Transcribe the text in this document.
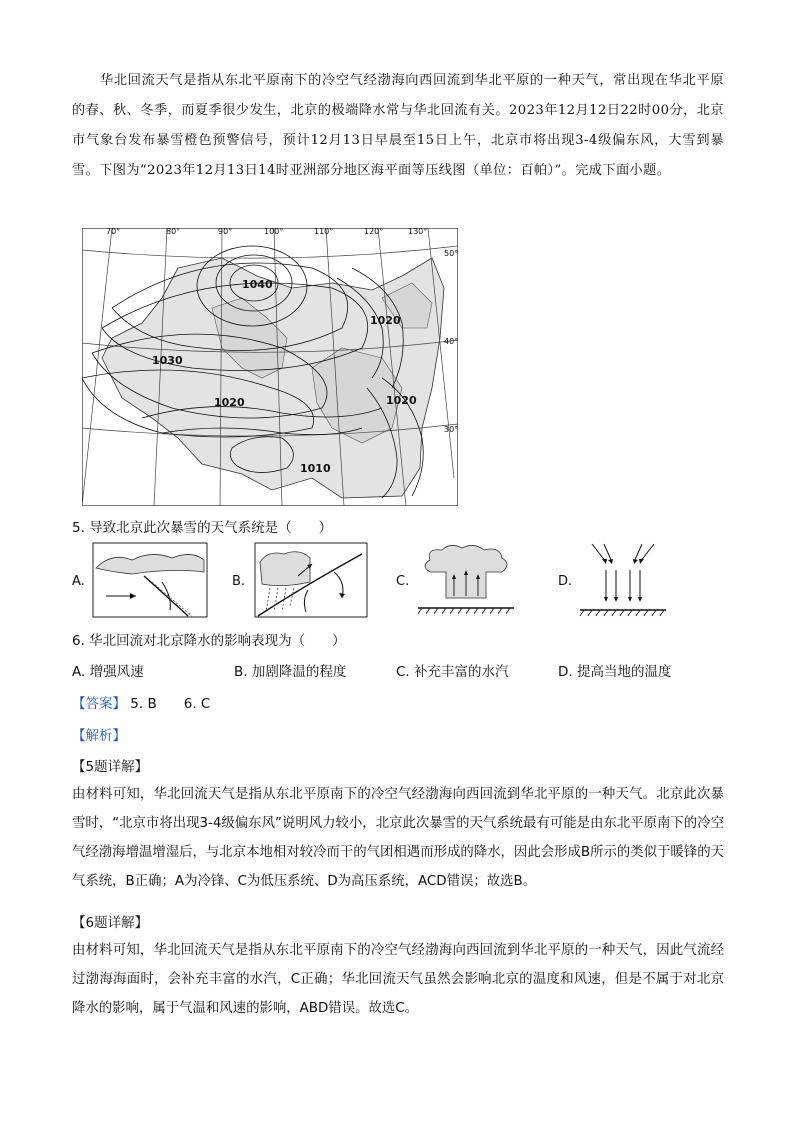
华北回流天气是指从东北平原南下的冷空气经渤海向西回流到华北平原的一种天气，常出现在华北平原的春、秋、冬季，而夏季很少发生，北京的极端降水常与华北回流有关。2023年12月12日22时00分，北京市气象台发布暴雪橙色预警信号，预计12月13日早晨至15日上午，北京市将出现3-4级偏东风，大雪到暴雪。下图为“2023年12月13日14时亚洲部分地区海平面等压线图（单位：百帕）”。完成下面小题。
70°	80°	90°	100°	110°	120°	130°
50°
40°
30°
1040
1030
1020
1020
1020
1010
5. 导致北京此次暴雪的天气系统是（　　）
A.	B.	C.	D.
6. 华北回流对北京降水的影响表现为（　　）
A. 增强风速	B. 加剧降温的程度	C. 补充丰富的水汽	D. 提高当地的温度
【答案】 5. B　　6. C
【解析】
【5题详解】
由材料可知，华北回流天气是指从东北平原南下的冷空气经渤海向西回流到华北平原的一种天气。北京此次暴雪时，“北京市将出现3-4级偏东风”说明风力较小，北京此次暴雪的天气系统最有可能是由东北平原南下的冷空气经渤海增温增湿后，与北京本地相对较冷而干的气团相遇而形成的降水，因此会形成B所示的类似于暖锋的天气系统，B正确；A为冷锋、C为低压系统、D为高压系统，ACD错误；故选B。
【6题详解】
由材料可知，华北回流天气是指从东北平原南下的冷空气经渤海向西回流到华北平原的一种天气，因此气流经过渤海海面时，会补充丰富的水汽，C正确；华北回流天气虽然会影响北京的温度和风速，但是不属于对北京降水的影响，属于气温和风速的影响，ABD错误。故选C。
